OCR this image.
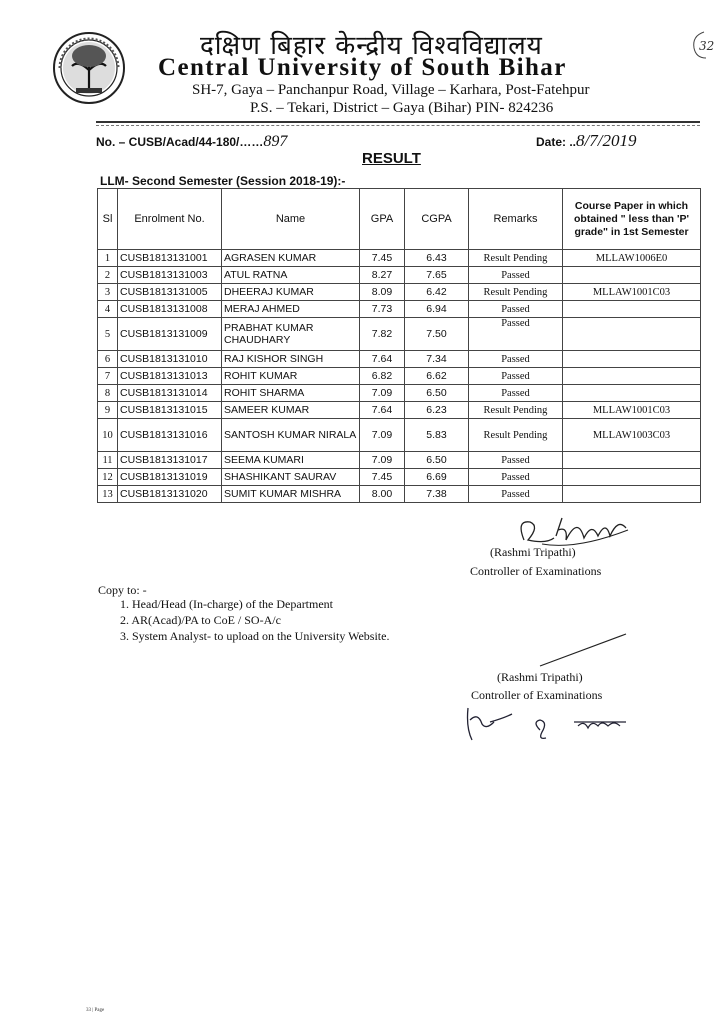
दक्षिण बिहार केन्द्रीय विश्वविद्यालय
Central University of South Bihar
SH-7, Gaya – Panchanpur Road, Village – Karhara, Post-Fatehpur
P.S. – Tekari, District – Gaya (Bihar) PIN- 824236
32
No. – CUSB/Acad/44-180/……897	Date: ..8/7/2019
RESULT
LLM- Second Semester (Session 2018-19):-
Sl	Enrolment No.	Name	GPA	CGPA	Remarks	Course Paper in which obtained " less than 'P' grade" in 1st Semester
1	CUSB1813131001	AGRASEN KUMAR	7.45	6.43	Result Pending	MLLAW1006E0
2	CUSB1813131003	ATUL RATNA	8.27	7.65	Passed	
3	CUSB1813131005	DHEERAJ KUMAR	8.09	6.42	Result Pending	MLLAW1001C03
4	CUSB1813131008	MERAJ AHMED	7.73	6.94	Passed	
5	CUSB1813131009	PRABHAT KUMAR CHAUDHARY	7.82	7.50	Passed	
6	CUSB1813131010	RAJ KISHOR SINGH	7.64	7.34	Passed	
7	CUSB1813131013	ROHIT KUMAR	6.82	6.62	Passed	
8	CUSB1813131014	ROHIT SHARMA	7.09	6.50	Passed	
9	CUSB1813131015	SAMEER KUMAR	7.64	6.23	Result Pending	MLLAW1001C03
10	CUSB1813131016	SANTOSH KUMAR NIRALA	7.09	5.83	Result Pending	MLLAW1003C03
11	CUSB1813131017	SEEMA KUMARI	7.09	6.50	Passed	
12	CUSB1813131019	SHASHIKANT SAURAV	7.45	6.69	Passed	
13	CUSB1813131020	SUMIT KUMAR MISHRA	8.00	7.38	Passed	
(Rashmi Tripathi)
Controller of Examinations
Copy to: -
1. Head/Head (In-charge) of the Department
2. AR(Acad)/PA to CoE / SO-A/c
3. System Analyst- to upload on the University Website.
(Rashmi Tripathi)
Controller of Examinations
33 | Page
